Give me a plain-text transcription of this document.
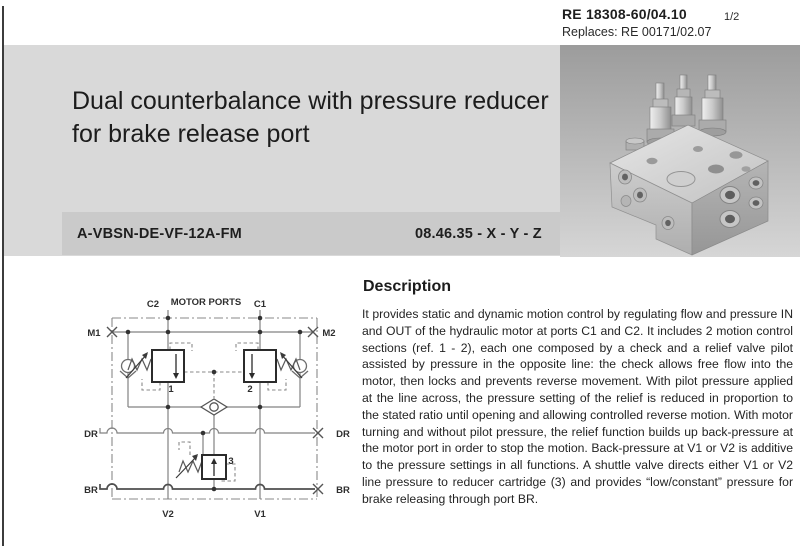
RE 18308-60/04.10	1/2
Replaces: RE 00171/02.07
Dual counterbalance with pressure reducer for brake release port
A-VBSN-DE-VF-12A-FM	08.46.35 - X - Y - Z
Description
It provides static and dynamic motion control by regulating flow and pressure IN and OUT of the hydraulic motor at ports C1 and C2. It includes 2 motion control sections (ref. 1 - 2), each one composed by a check and a relief valve pilot assisted by pressure in the opposite line: the check allows free flow into the motor, then locks and prevents reverse movement. With pilot pressure applied at the line across, the pressure setting of the relief is reduced in proportion to the stated ratio until opening and allowing controlled reverse motion. With motor turning and without pilot pressure, the relief function builds up back-pressure at the motor port in order to stop the motion. Back-pressure at V1 or V2 is additive to the pressure settings in all functions. A shuttle valve directs either V1 or V2 line pressure to reducer cartridge (3) and provides “low/constant” pressure for brake releasing through port BR.
C2 MOTOR PORTS C1
M1	M2
DR	DR
BR	BR
V2	V1
1	2
3
